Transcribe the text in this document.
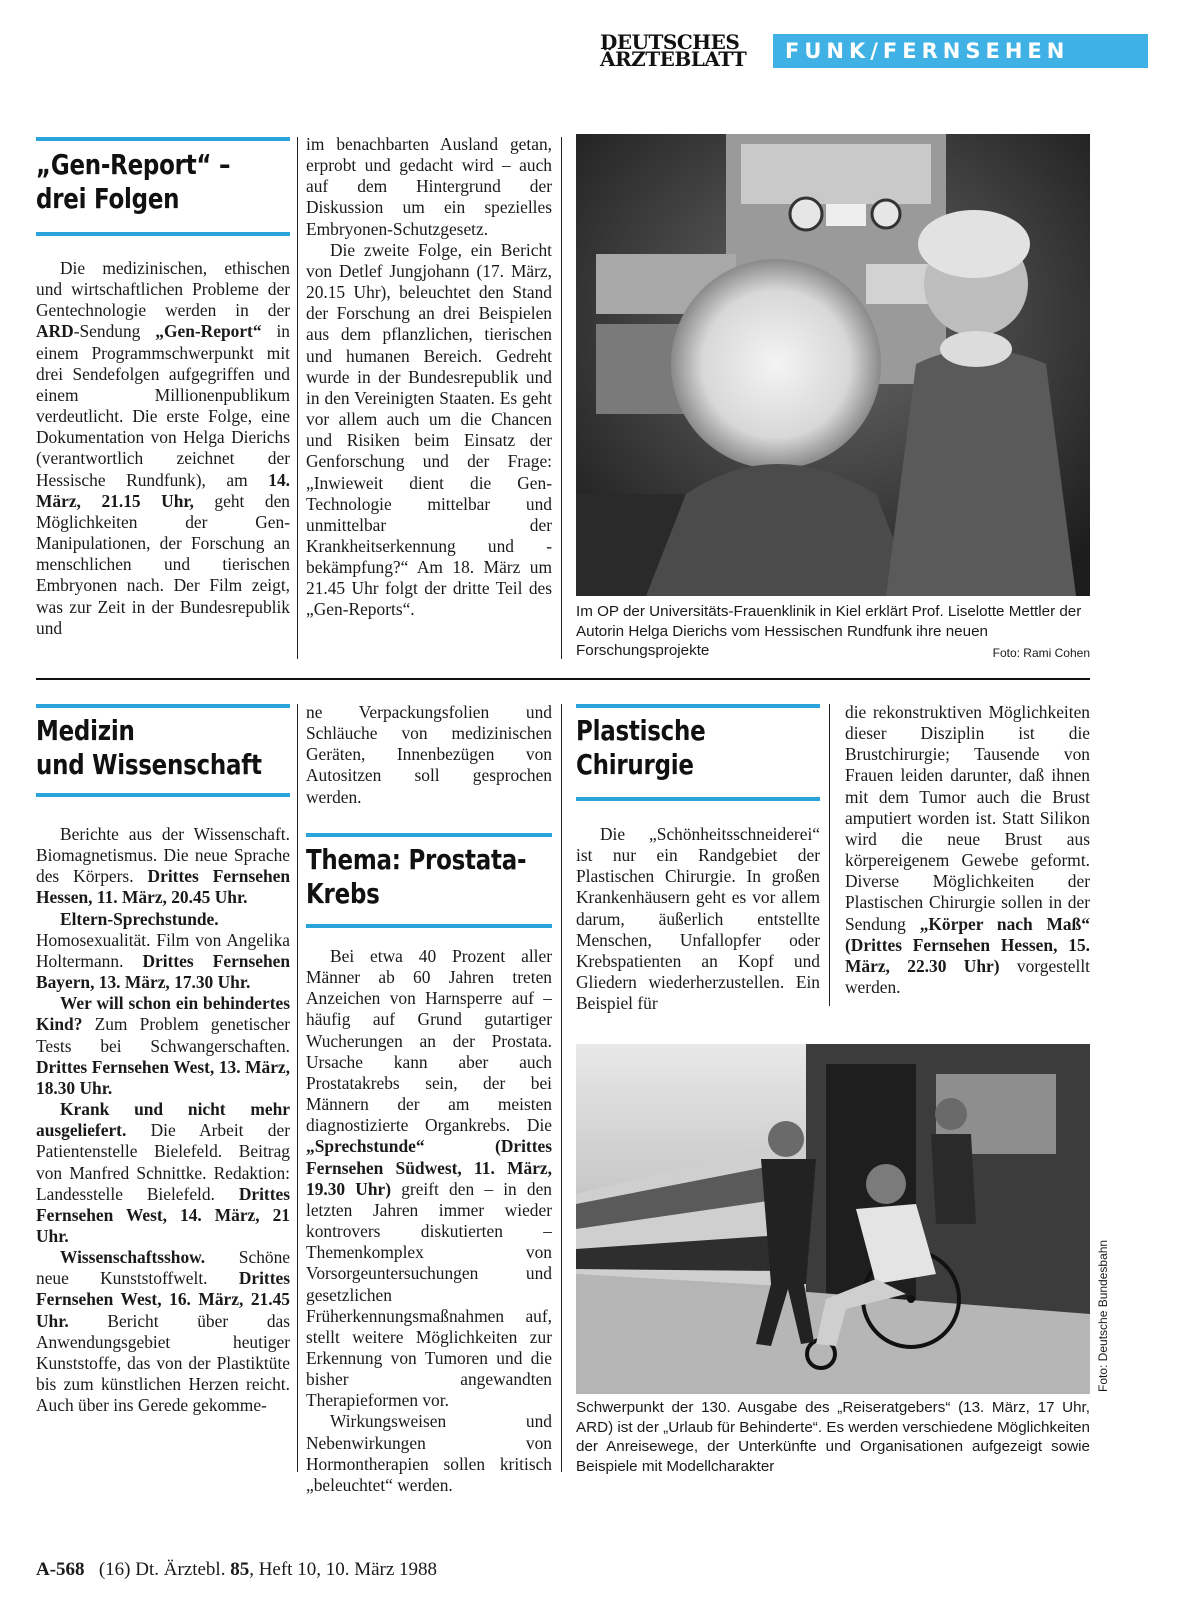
DEUTSCHES
ÄRZTEBLATT	FUNK/FERNSEHEN
„Gen-Report“ –
drei Folgen

Die medizinischen, ethischen und wirtschaftlichen Probleme der Gentechnologie werden in der ARD-Sendung „Gen-Report“ in einem Programmschwerpunkt mit drei Sendefolgen aufgegriffen und einem Millionenpublikum verdeutlicht. Die erste Folge, eine Dokumentation von Helga Dierichs (verantwortlich zeichnet der Hessische Rundfunk), am 14. März, 21.15 Uhr, geht den Möglichkeiten der Gen-Manipulationen, der Forschung an menschlichen und tierischen Embryonen nach. Der Film zeigt, was zur Zeit in der Bundesrepublik und

im benachbarten Ausland getan, erprobt und gedacht wird – auch auf dem Hintergrund der Diskussion um ein spezielles Embryonen-Schutzgesetz.

Die zweite Folge, ein Bericht von Detlef Jungjohann (17. März, 20.15 Uhr), beleuchtet den Stand der Forschung an drei Beispielen aus dem pflanzlichen, tierischen und humanen Bereich. Gedreht wurde in der Bundesrepublik und in den Vereinigten Staaten. Es geht vor allem auch um die Chancen und Risiken beim Einsatz der Genforschung und der Frage: „Inwieweit dient die Gen-Technologie mittelbar und unmittelbar der Krankheitserkennung und -bekämpfung?“ Am 18. März um 21.45 Uhr folgt der dritte Teil des „Gen-Reports“.	Im OP der Universitäts-Frauenklinik in Kiel erklärt Prof. Liselotte Mettler der Autorin Helga Dierichs vom Hessischen Rundfunk ihre neuen Forschungsprojekte	Foto: Rami Cohen
Medizin
und Wissenschaft

Berichte aus der Wissenschaft. Biomagnetismus. Die neue Sprache des Körpers. Drittes Fernsehen Hessen, 11. März, 20.45 Uhr.

Eltern-Sprechstunde. Homosexualität. Film von Angelika Holtermann. Drittes Fernsehen Bayern, 13. März, 17.30 Uhr.

Wer will schon ein behindertes Kind? Zum Problem genetischer Tests bei Schwangerschaften. Drittes Fernsehen West, 13. März, 18.30 Uhr.

Krank und nicht mehr ausgeliefert. Die Arbeit der Patientenstelle Bielefeld. Beitrag von Manfred Schnittke. Redaktion: Landesstelle Bielefeld. Drittes Fernsehen West, 14. März, 21 Uhr.

Wissenschaftsshow. Schöne neue Kunststoffwelt. Drittes Fernsehen West, 16. März, 21.45 Uhr. Bericht über das Anwendungsgebiet heutiger Kunststoffe, das von der Plastiktüte bis zum künstlichen Herzen reicht. Auch über ins Gerede gekomme-

ne Verpackungsfolien und Schläuche von medizinischen Geräten, Innenbezügen von Autositzen soll gesprochen werden.

Thema: Prostata-
Krebs

Bei etwa 40 Prozent aller Männer ab 60 Jahren treten Anzeichen von Harnsperre auf – häufig auf Grund gutartiger Wucherungen an der Prostata. Ursache kann aber auch Prostatakrebs sein, der bei Männern der am meisten diagnostizierte Organkrebs. Die „Sprechstunde“ (Drittes Fernsehen Südwest, 11. März, 19.30 Uhr) greift den – in den letzten Jahren immer wieder kontrovers diskutierten – Themenkomplex von Vorsorgeuntersuchungen und gesetzlichen Früherkennungsmaßnahmen auf, stellt weitere Möglichkeiten zur Erkennung von Tumoren und die bisher angewandten Therapieformen vor.

Wirkungsweisen und Nebenwirkungen von Hormontherapien sollen kritisch „beleuchtet“ werden.

Plastische
Chirurgie

Die „Schönheitsschneiderei“ ist nur ein Randgebiet der Plastischen Chirurgie. In großen Krankenhäusern geht es vor allem darum, äußerlich entstellte Menschen, Unfallopfer oder Krebspatienten an Kopf und Gliedern wiederherzustellen. Ein Beispiel für

die rekonstruktiven Möglichkeiten dieser Disziplin ist die Brustchirurgie; Tausende von Frauen leiden darunter, daß ihnen mit dem Tumor auch die Brust amputiert worden ist. Statt Silikon wird die neue Brust aus körpereigenem Gewebe geformt. Diverse Möglichkeiten der Plastischen Chirurgie sollen in der Sendung „Körper nach Maß“ (Drittes Fernsehen Hessen, 15. März, 22.30 Uhr) vorgestellt werden.

Foto: Deutsche Bundesbahn
Schwerpunkt der 130. Ausgabe des „Reiseratgebers“ (13. März, 17 Uhr, ARD) ist der „Urlaub für Behinderte“. Es werden verschiedene Möglichkeiten der Anreisewege, der Unterkünfte und Organisationen aufgezeigt sowie Beispiele mit Modellcharakter
A-568 (16) Dt. Ärztebl. 85, Heft 10, 10. März 1988
